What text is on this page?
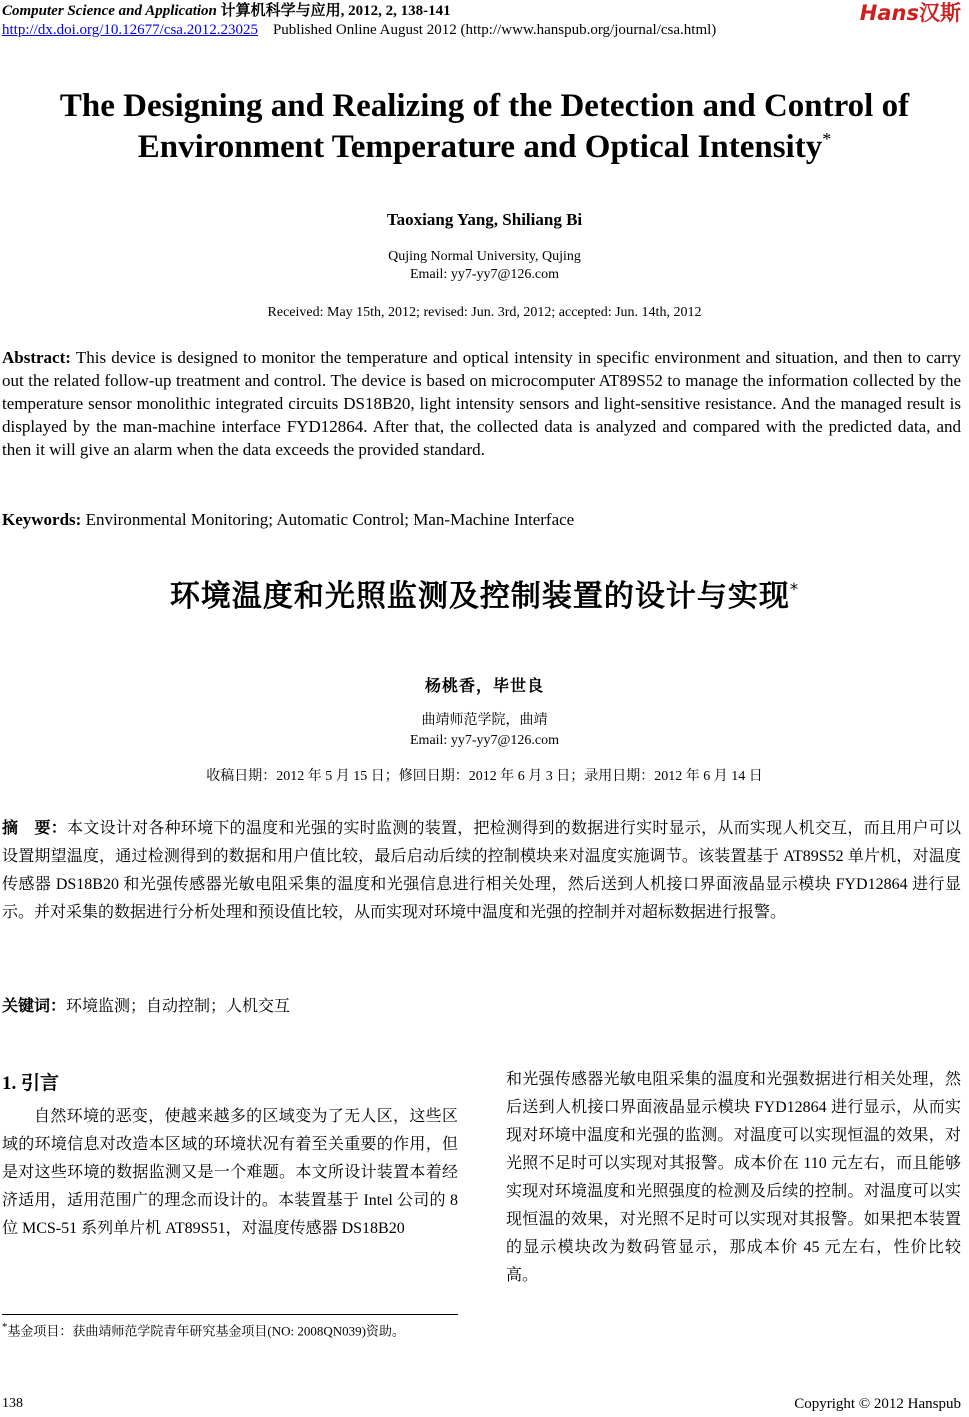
Computer Science and Application 计算机科学与应用, 2012, 2, 138-141
http://dx.doi.org/10.12677/csa.2012.23025 Published Online August 2012 (http://www.hanspub.org/journal/csa.html)
Hans汉斯
The Designing and Realizing of the Detection and Control of Environment Temperature and Optical Intensity*
Taoxiang Yang, Shiliang Bi
Qujing Normal University, Qujing
Email: yy7-yy7@126.com
Received: May 15th, 2012; revised: Jun. 3rd, 2012; accepted: Jun. 14th, 2012
Abstract: This device is designed to monitor the temperature and optical intensity in specific environment and situation, and then to carry out the related follow-up treatment and control. The device is based on microcomputer AT89S52 to manage the information collected by the temperature sensor monolithic integrated circuits DS18B20, light intensity sensors and light-sensitive resistance. And the managed result is displayed by the man-machine interface FYD12864. After that, the collected data is analyzed and compared with the predicted data, and then it will give an alarm when the data exceeds the provided standard.
Keywords: Environmental Monitoring; Automatic Control; Man-Machine Interface
环境温度和光照监测及控制装置的设计与实现*
杨桃香，毕世良
曲靖师范学院，曲靖
Email: yy7-yy7@126.com
收稿日期：2012 年 5 月 15 日；修回日期：2012 年 6 月 3 日；录用日期：2012 年 6 月 14 日
摘　要：本文设计对各种环境下的温度和光强的实时监测的装置，把检测得到的数据进行实时显示，从而实现人机交互，而且用户可以设置期望温度，通过检测得到的数据和用户值比较，最后启动后续的控制模块来对温度实施调节。该装置基于 AT89S52 单片机，对温度传感器 DS18B20 和光强传感器光敏电阻采集的温度和光强信息进行相关处理，然后送到人机接口界面液晶显示模块 FYD12864 进行显示。并对采集的数据进行分析处理和预设值比较，从而实现对环境中温度和光强的控制并对超标数据进行报警。
关键词：环境监测；自动控制；人机交互
1. 引言
自然环境的恶变，使越来越多的区域变为了无人区，这些区域的环境信息对改造本区域的环境状况有着至关重要的作用，但是对这些环境的数据监测又是一个难题。本文所设计装置本着经济适用，适用范围广的理念而设计的。本装置基于 Intel 公司的 8 位 MCS-51 系列单片机 AT89S51，对温度传感器 DS18B20
和光强传感器光敏电阻采集的温度和光强数据进行相关处理，然后送到人机接口界面液晶显示模块 FYD12864 进行显示，从而实现对环境中温度和光强的监测。对温度可以实现恒温的效果，对光照不足时可以实现对其报警。成本价在 110 元左右，而且能够实现对环境温度和光照强度的检测及后续的控制。对温度可以实现恒温的效果，对光照不足时可以实现对其报警。如果把本装置的显示模块改为数码管显示，那成本价 45 元左右，性价比较高。
*基金项目：获曲靖师范学院青年研究基金项目(NO: 2008QN039)资助。
138	Copyright © 2012 Hanspub
